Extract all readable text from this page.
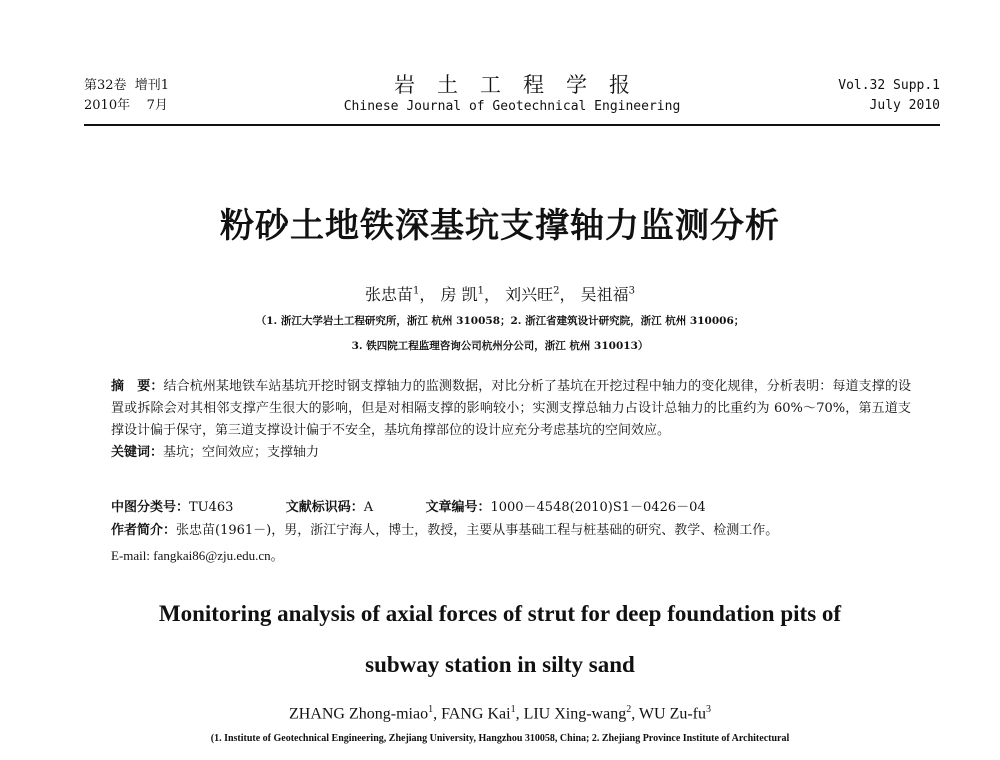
第32卷  增刊1
2010年    7月
岩土工程学报
Chinese Journal of Geotechnical Engineering
Vol.32 Supp.1
July 2010
粉砂土地铁深基坑支撑轴力监测分析
张忠苗$^1$， 房 凯$^1$， 刘兴旺$^2$， 吴祖福$^3$
（1. 浙江大学岩土工程研究所，浙江 杭州 310058；2. 浙江省建筑设计研究院，浙江 杭州 310006；
3. 铁四院工程监理咨询公司杭州分公司，浙江 杭州 310013）
摘　要：结合杭州某地铁车站基坑开挖时钢支撑轴力的监测数据，对比分析了基坑在开挖过程中轴力的变化规律，分析表明：每道支撑的设置或拆除会对其相邻支撑产生很大的影响，但是对相隔支撑的影响较小；实测支撑总轴力占设计总轴力的比重约为 60%～70%，第五道支撑设计偏于保守，第三道支撑设计偏于不安全，基坑角撑部位的设计应充分考虑基坑的空间效应。
关键词：基坑；空间效应；支撑轴力
中图分类号：TU463	文献标识码：A	文章编号：1000－4548(2010)S1－0426－04
作者简介：张忠苗(1961－)，男，浙江宁海人，博士，教授，主要从事基础工程与桩基础的研究、教学、检测工作。
E-mail: fangkai86@zju.edu.cn。
Monitoring analysis of axial forces of strut for deep foundation pits of
subway station in silty sand
ZHANG Zhong-miao$^1$, FANG Kai$^1$, LIU Xing-wang$^2$, WU $Zu-fu^3$
(1. Institute of Geotechnical Engineering, Zhejiang University, Hangzhou 310058, China; 2. Zhejiang Province Institute of Architectural
